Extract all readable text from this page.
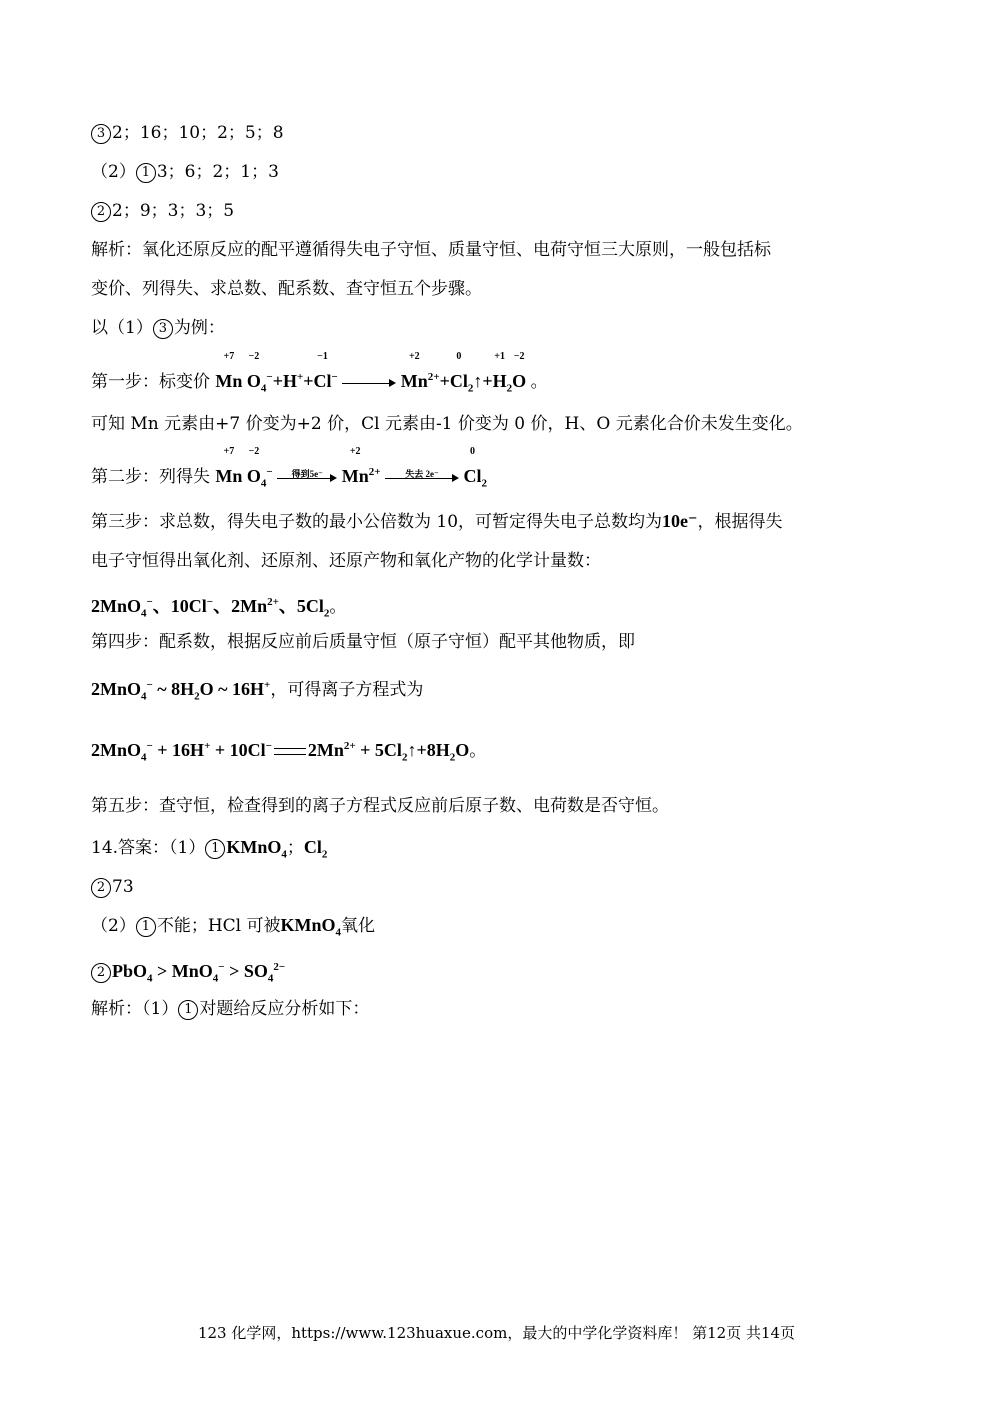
3 2；16；10；2；5；8
（2） 1 3；6；2；1；3
2 2；9；3；3；5
解析：氧化还原反应的配平遵循得失电子守恒、质量守恒、电荷守恒三大原则，一般包括标
变价、列得失、求总数、配系数、查守恒五个步骤。
以（1） 3 为例：
第一步：标变价 Mn
+7
O
−2
$_4$−+H++Cl
−1
−	Mn
+2
$^{2+}$+Cl
0
$_2$↑+H
+1
$_2$O
−2
。
可知 Mn 元素由+7 价变为+2 价，Cl 元素由-1 价变为 0 价，H、O 元素化合价未发生变化。
第二步：列得失 Mn
+7
O
−2
$_4$−	得到5e⁻	Mn
+2
$^{2+}$	失去 2e⁻	Cl
0
$_2$
第三步：求总数，得失电子数的最小公倍数为 10，可暂定得失电子总数均为10e⁻，根据得失
电子守恒得出氧化剂、还原剂、还原产物和氧化产物的化学计量数：
2MnO$_4$−、10Cl−、$2Mn^{2+}$、$5Cl_2$。
第四步：配系数，根据反应前后质量守恒（原子守恒）配平其他物质，即
2MnO$_4$− ~ $8H_2O$ ~ 16H+，可得离子方程式为
2MnO$_4$− + 16H+ + 10Cl− $2Mn^{2+}$ + $5Cl_2↑+8H_2O$。
第五步：查守恒，检查得到的离子方程式反应前后原子数、电荷数是否守恒。
14.答案：（1） 1 KMnO$_4$；$Cl_2$
2 73
（2） 1 不能；HCl 可被KMnO$_4$氧化
2 $PbO_4 > MnO_4^- > SO_4^{2-}$
解析：（1） 1 对题给反应分析如下：
123 化学网，https://www.123huaxue.com，最大的中学化学资料库！ 第12页 共14页
